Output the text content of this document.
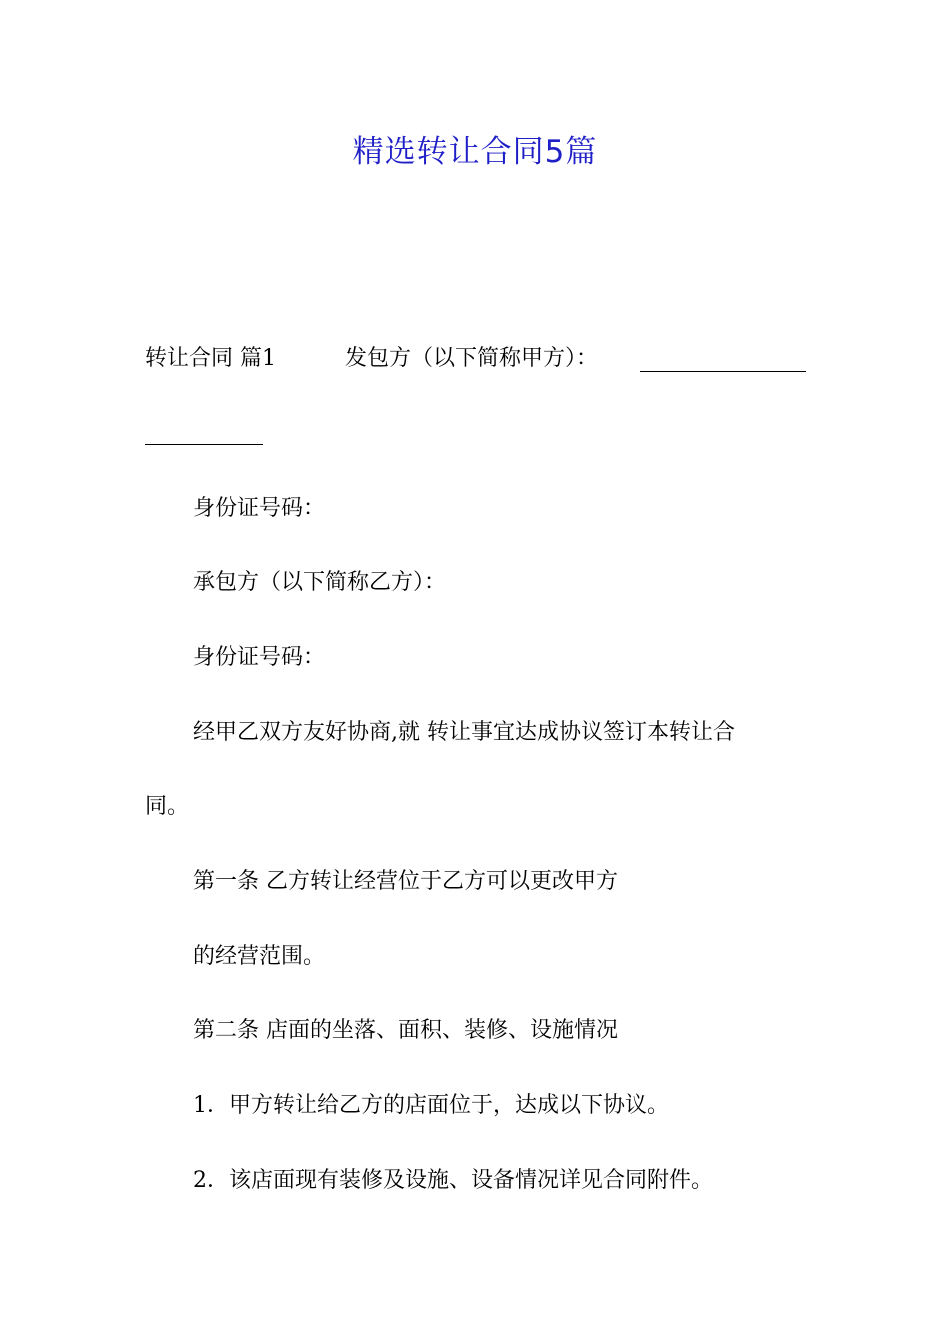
精选转让合同5篇
转让合同 篇1	发包方（以下简称甲方）：
身份证号码：
承包方（以下简称乙方）：
身份证号码：
经甲乙双方友好协商,就 转让事宜达成协议签订本转让合
同。
第一条 乙方转让经营位于乙方可以更改甲方
的经营范围。
第二条 店面的坐落、面积、装修、设施情况
1．甲方转让给乙方的店面位于，达成以下协议。
2．该店面现有装修及设施、设备情况详见合同附件。
